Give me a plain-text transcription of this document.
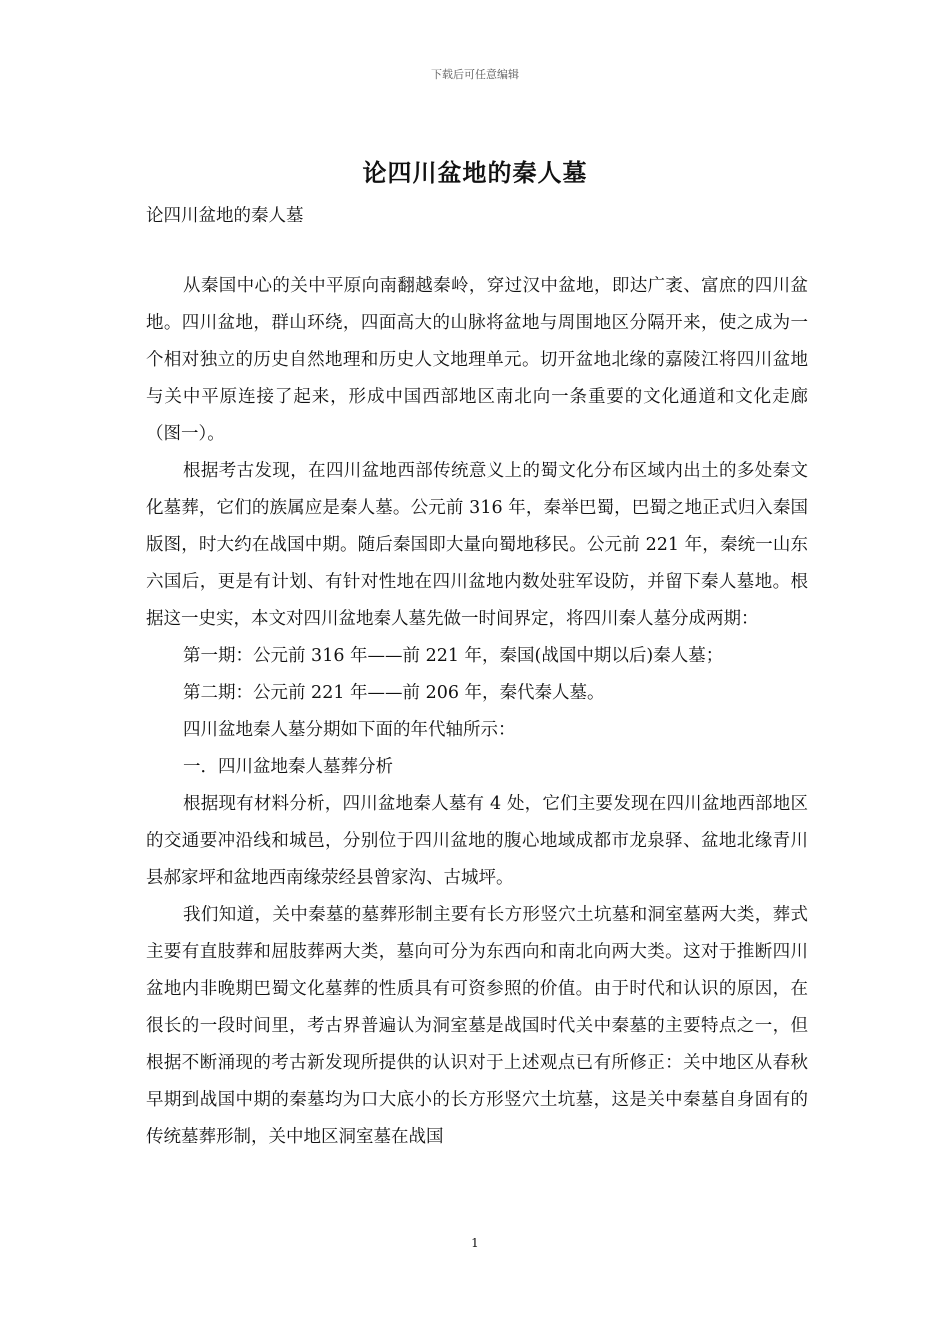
下载后可任意编辑
论四川盆地的秦人墓
论四川盆地的秦人墓

从秦国中心的关中平原向南翻越秦岭，穿过汉中盆地，即达广袤、富庶的四川盆地。四川盆地，群山环绕，四面高大的山脉将盆地与周围地区分隔开来，使之成为一个相对独立的历史自然地理和历史人文地理单元。切开盆地北缘的嘉陵江将四川盆地与关中平原连接了起来，形成中国西部地区南北向一条重要的文化通道和文化走廊（图一）。

根据考古发现，在四川盆地西部传统意义上的蜀文化分布区域内出土的多处秦文化墓葬，它们的族属应是秦人墓。公元前 316 年，秦举巴蜀，巴蜀之地正式归入秦国版图，时大约在战国中期。随后秦国即大量向蜀地移民。公元前 221 年，秦统一山东六国后，更是有计划、有针对性地在四川盆地内数处驻军设防，并留下秦人墓地。根据这一史实，本文对四川盆地秦人墓先做一时间界定，将四川秦人墓分成两期：

第一期：公元前 316 年——前 221 年，秦国(战国中期以后)秦人墓；

第二期：公元前 221 年——前 206 年，秦代秦人墓。

四川盆地秦人墓分期如下面的年代轴所示：

一．四川盆地秦人墓葬分析

根据现有材料分析，四川盆地秦人墓有 4 处，它们主要发现在四川盆地西部地区的交通要冲沿线和城邑，分别位于四川盆地的腹心地域成都市龙泉驿、盆地北缘青川县郝家坪和盆地西南缘荥经县曾家沟、古城坪。

我们知道，关中秦墓的墓葬形制主要有长方形竖穴土坑墓和洞室墓两大类，葬式主要有直肢葬和屈肢葬两大类，墓向可分为东西向和南北向两大类。这对于推断四川盆地内非晚期巴蜀文化墓葬的性质具有可资参照的价值。由于时代和认识的原因，在很长的一段时间里，考古界普遍认为洞室墓是战国时代关中秦墓的主要特点之一，但根据不断涌现的考古新发现所提供的认识对于上述观点已有所修正：关中地区从春秋早期到战国中期的秦墓均为口大底小的长方形竖穴土坑墓，这是关中秦墓自身固有的传统墓葬形制，关中地区洞室墓在战国

1
